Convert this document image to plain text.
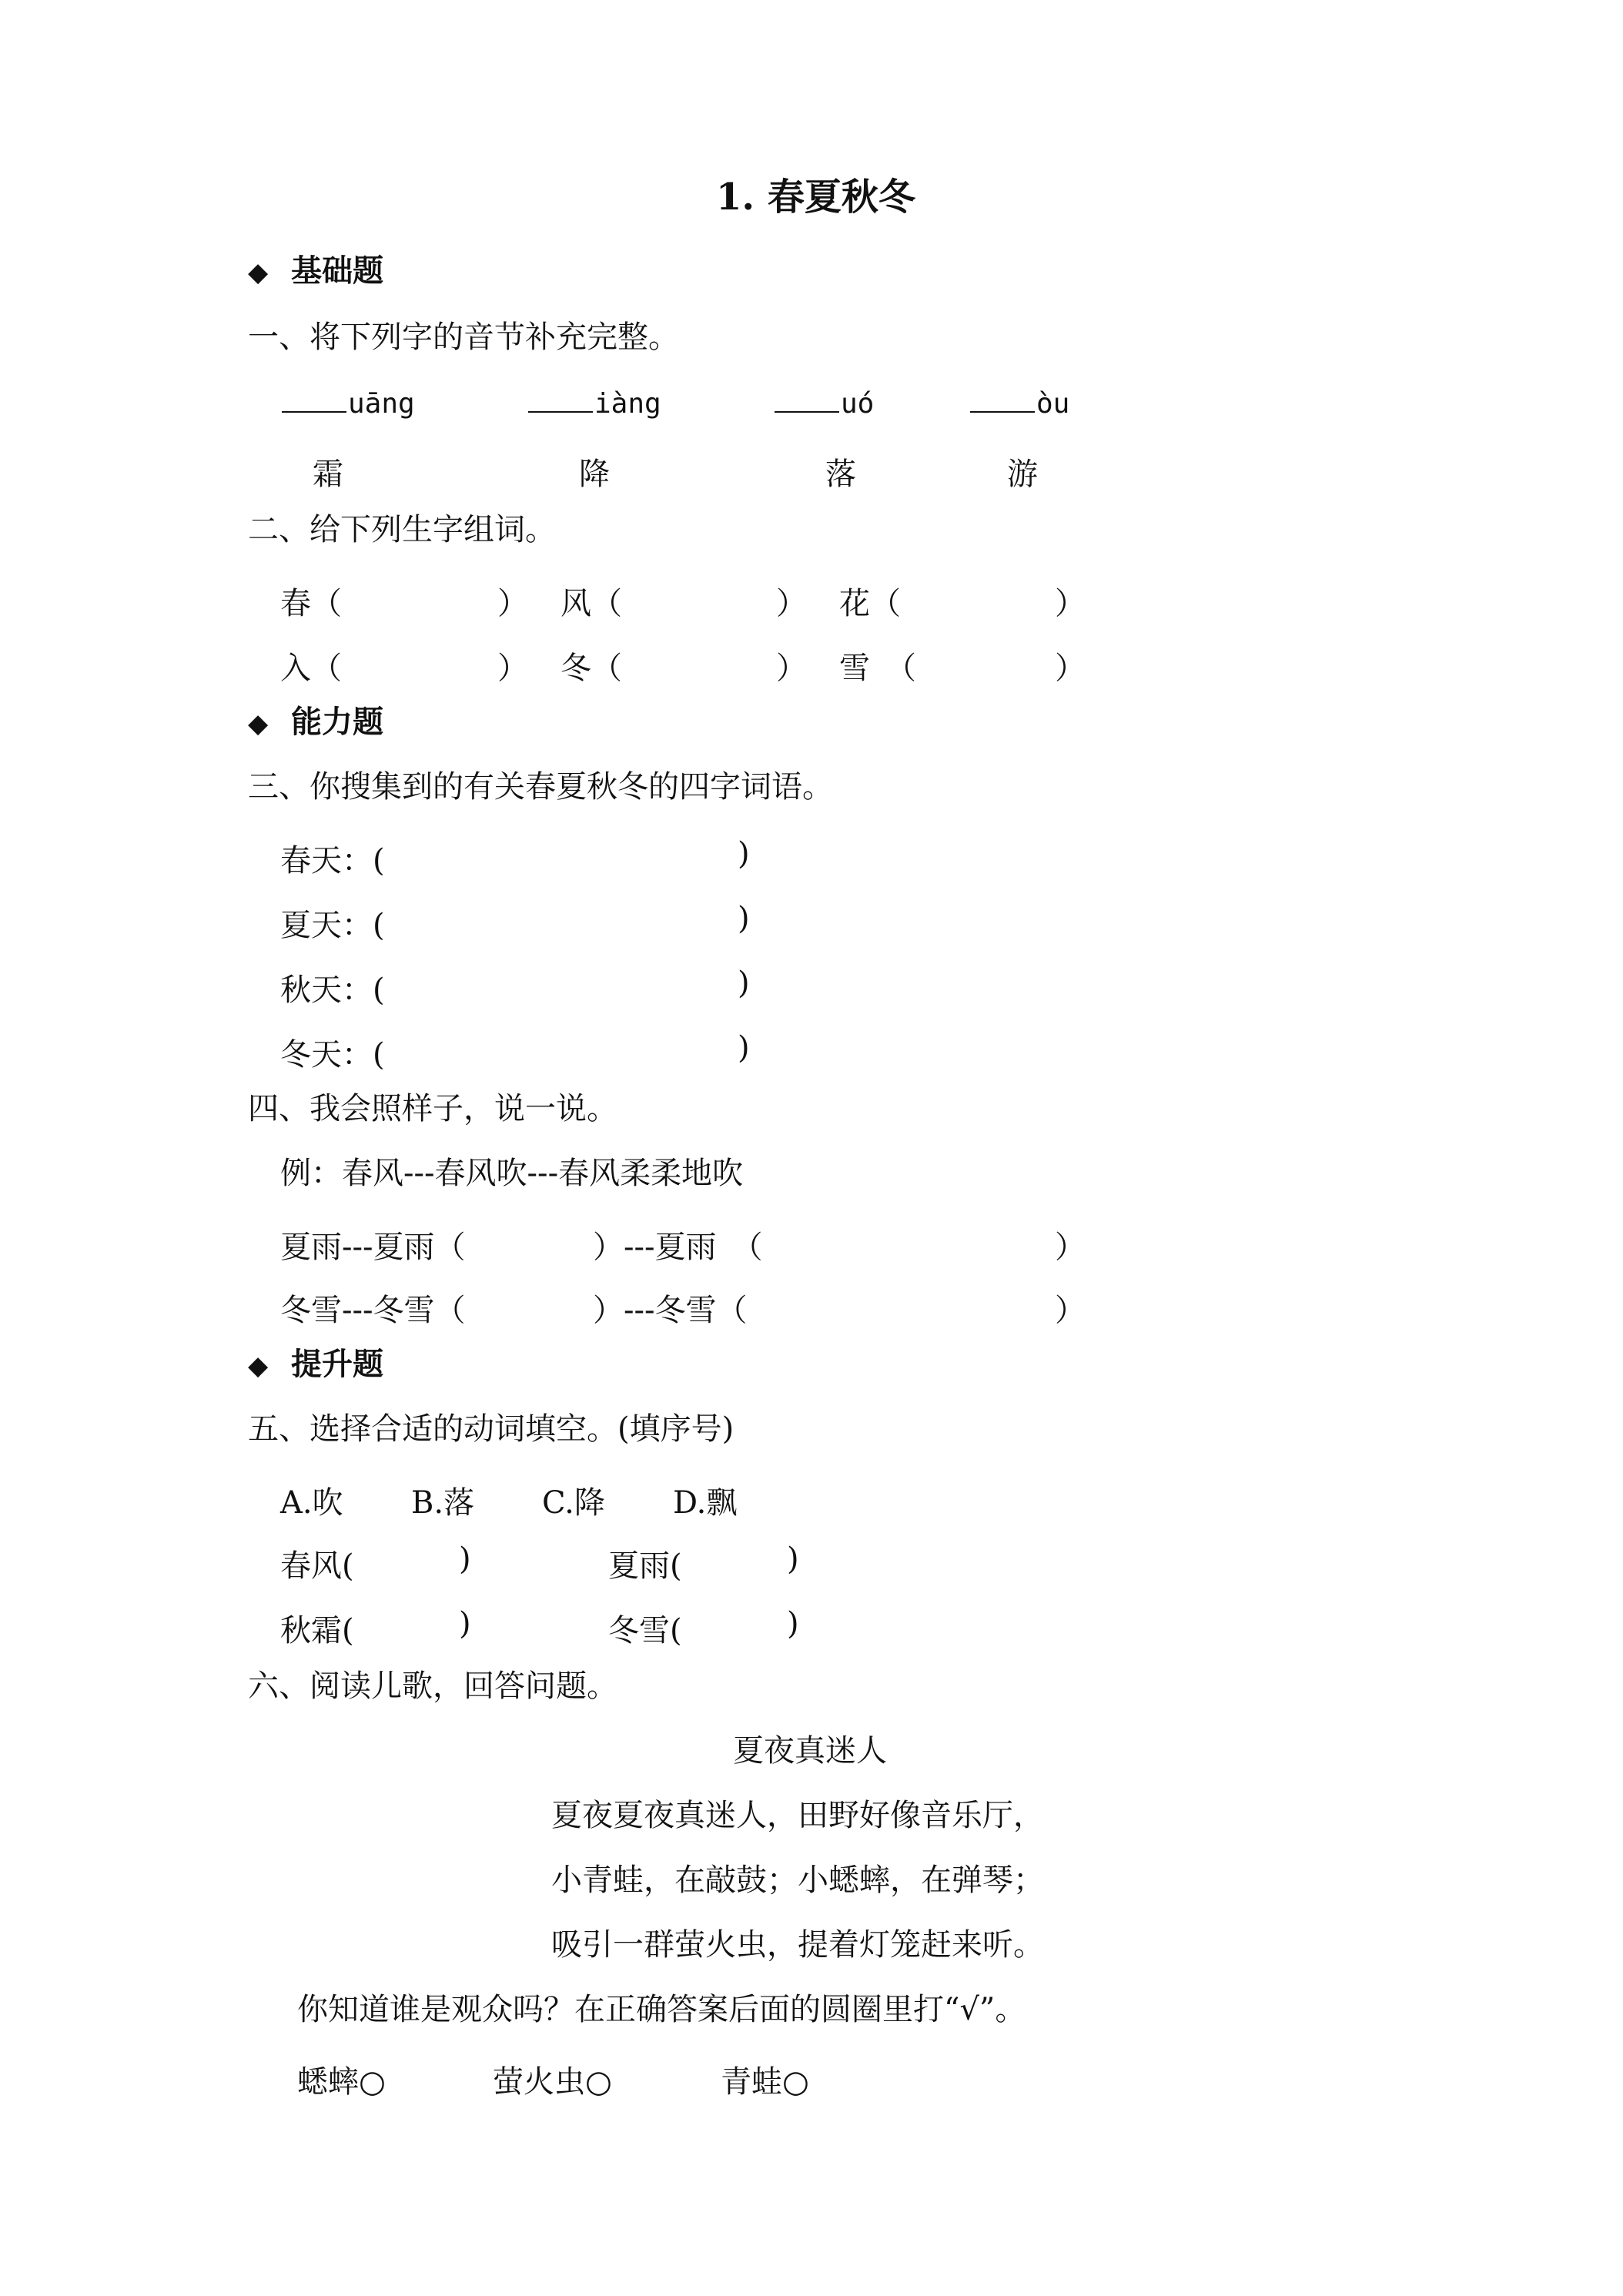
1. 春夏秋冬
◆ 基础题
一、将下列字的音节补充完整。
uāng	iàng	uó	òu
霜	降	落	游
二、给下列生字组词。
春（	） 风（	） 花（	）
入（	） 冬（	） 雪　（	）
◆ 能力题
三、你搜集到的有关春夏秋冬的四字词语。
春天：(	)
夏天：(	)
秋天：(	)
冬天：(	)
四、我会照样子，说一说。
例：春风---春风吹---春风柔柔地吹
夏雨---夏雨（	）---夏雨　（	）
冬雪---冬雪（	）---冬雪（	）
◆ 提升题
五、选择合适的动词填空。(填序号)
A.吹 B.落 C.降 D.飘
春风(	)	夏雨(	)
秋霜(	)	冬雪(	)
六、阅读儿歌，回答问题。
夏夜真迷人
夏夜夏夜真迷人，田野好像音乐厅，
小青蛙，在敲鼓；小蟋蟀，在弹琴；
吸引一群萤火虫，提着灯笼赶来听。
你知道谁是观众吗？在正确答案后面的圆圈里打“√”。
蟋蟀○	萤火虫○	青蛙○
